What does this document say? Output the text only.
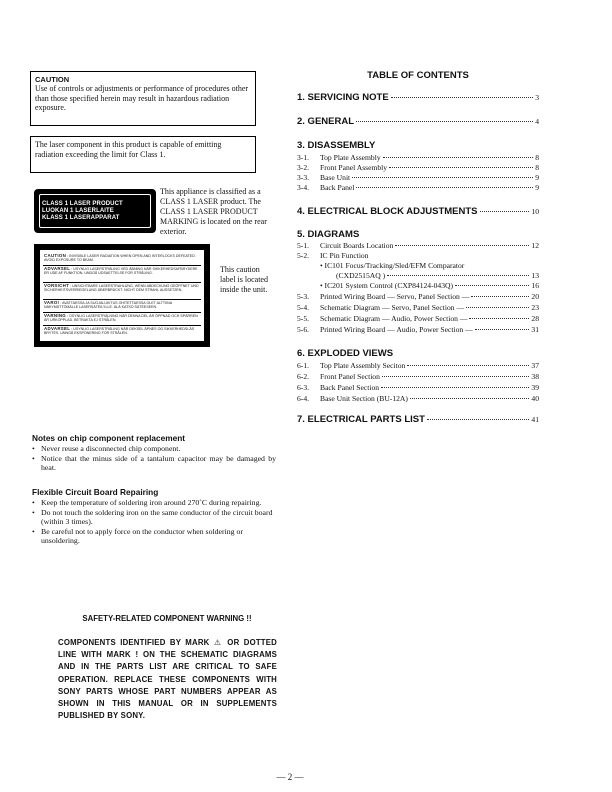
CAUTION
Use of controls or adjustments or performance of procedures other than those specified herein may result in hazardous radiation exposure.
The laser component in this product is capable of emitting radiation exceeding the limit for Class 1.
CLASS 1 LASER PRODUCT
LUOKAN 1 LASERLAITE
KLASS 1 LASERAPPARAT
This appliance is classified as a CLASS 1 LASER product. The CLASS 1 LASER PRODUCT MARKING is located on the rear exterior.
CAUTION : INVISIBLE LASER RADIATION WHEN OPEN AND INTERLOCKS DEFEATED. AVOID EXPOSURE TO BEAM.
ADVARSEL : USYNLIG LASERSTRÅLING VED ÅBNING NÅR SIKKERHEDSAFBRYDERE ER UDE AF FUNKTION. UNDGÅ UDSAETTELSE FOR STRÅLING.
VORSICHT : UNSICHTBARE LASERSTRAHLUNG, WENN ABDECKUNG GEÖFFNET UND SICHERHEITSVERRIEGELUNG ÜBERBRÜCKT. NICHT DEM STRAHL AUSSETZEN.
VARO! : AVATTAESSA JA SUOJALUKITUS OHITETTAESSA OLET ALTTIINA NÄKYMÄTTÖMÄLLE LASERSÄTEILYLLE. ÄLÄ KATSO SÄTEESEEN.
VARNING : OSYNLIG LASERSTRÅLNING NÄR DENNA DEL ÄR ÖPPNAD OCH SPÄRREN ÄR URKOPPLAD. BETRAKTA EJ STRÅLEN.
ADVARSEL : USYNLIG LASERSTRÅLING NÅR DEKSEL ÅPNES OG SIKKERHEDSLÅS BRYTES. UNNGÅ EKSPONERING FOR STRÅLEN.
This caution label is located inside the unit.
Notes on chip component replacement
• Never reuse a disconnected chip component.
• Notice that the minus side of a tantalum capacitor may be damaged by heat.
Flexible Circuit Board Repairing
• Keep the temperature of soldering iron around 270˚C during repairing.
• Do not touch the soldering iron on the same conductor of the circuit board (within 3 times).
• Be careful not to apply force on the conductor when soldering or unsoldering.
SAFETY-RELATED COMPONENT WARNING !!
COMPONENTS IDENTIFIED BY MARK ⚠ OR DOTTED LINE WITH MARK ! ON THE SCHEMATIC DIAGRAMS AND IN THE PARTS LIST ARE CRITICAL TO SAFE OPERATION. REPLACE THESE COMPONENTS WITH SONY PARTS WHOSE PART NUMBERS APPEAR AS SHOWN IN THIS MANUAL OR IN SUPPLEMENTS PUBLISHED BY SONY.
TABLE OF CONTENTS
1. SERVICING NOTE	3
2. GENERAL	4
3. DISASSEMBLY
3-1.	Top Plate Assembly	8
3-2.	Front Panel Assembly	8
3-3.	Base Unit	9
3-4.	Back Panel	9
4. ELECTRICAL BLOCK ADJUSTMENTS	10
5. DIAGRAMS
5-1.	Circuit Boards Location	12
5-2.	IC Pin Function
• IC101 Focus/Tracking/Sled/EFM Comparator
(CXD2515AQ )	13
• IC201 System Control (CXP84124-043Q)	16
5-3.	Printed Wiring Board — Servo, Panel Section —	20
5-4.	Schematic Diagram — Servo, Panel Section —	23
5-5.	Schematic Diagram — Audio, Power Section —	28
5-6.	Printed Wiring Board — Audio, Power Section —	31
6. EXPLODED VIEWS
6-1.	Top Plate Assembly Seciton	37
6-2.	Front Panel Section	38
6-3.	Back Panel Section	39
6-4.	Base Unit Section (BU-12A)	40
7. ELECTRICAL PARTS LIST	41
— 2 —
